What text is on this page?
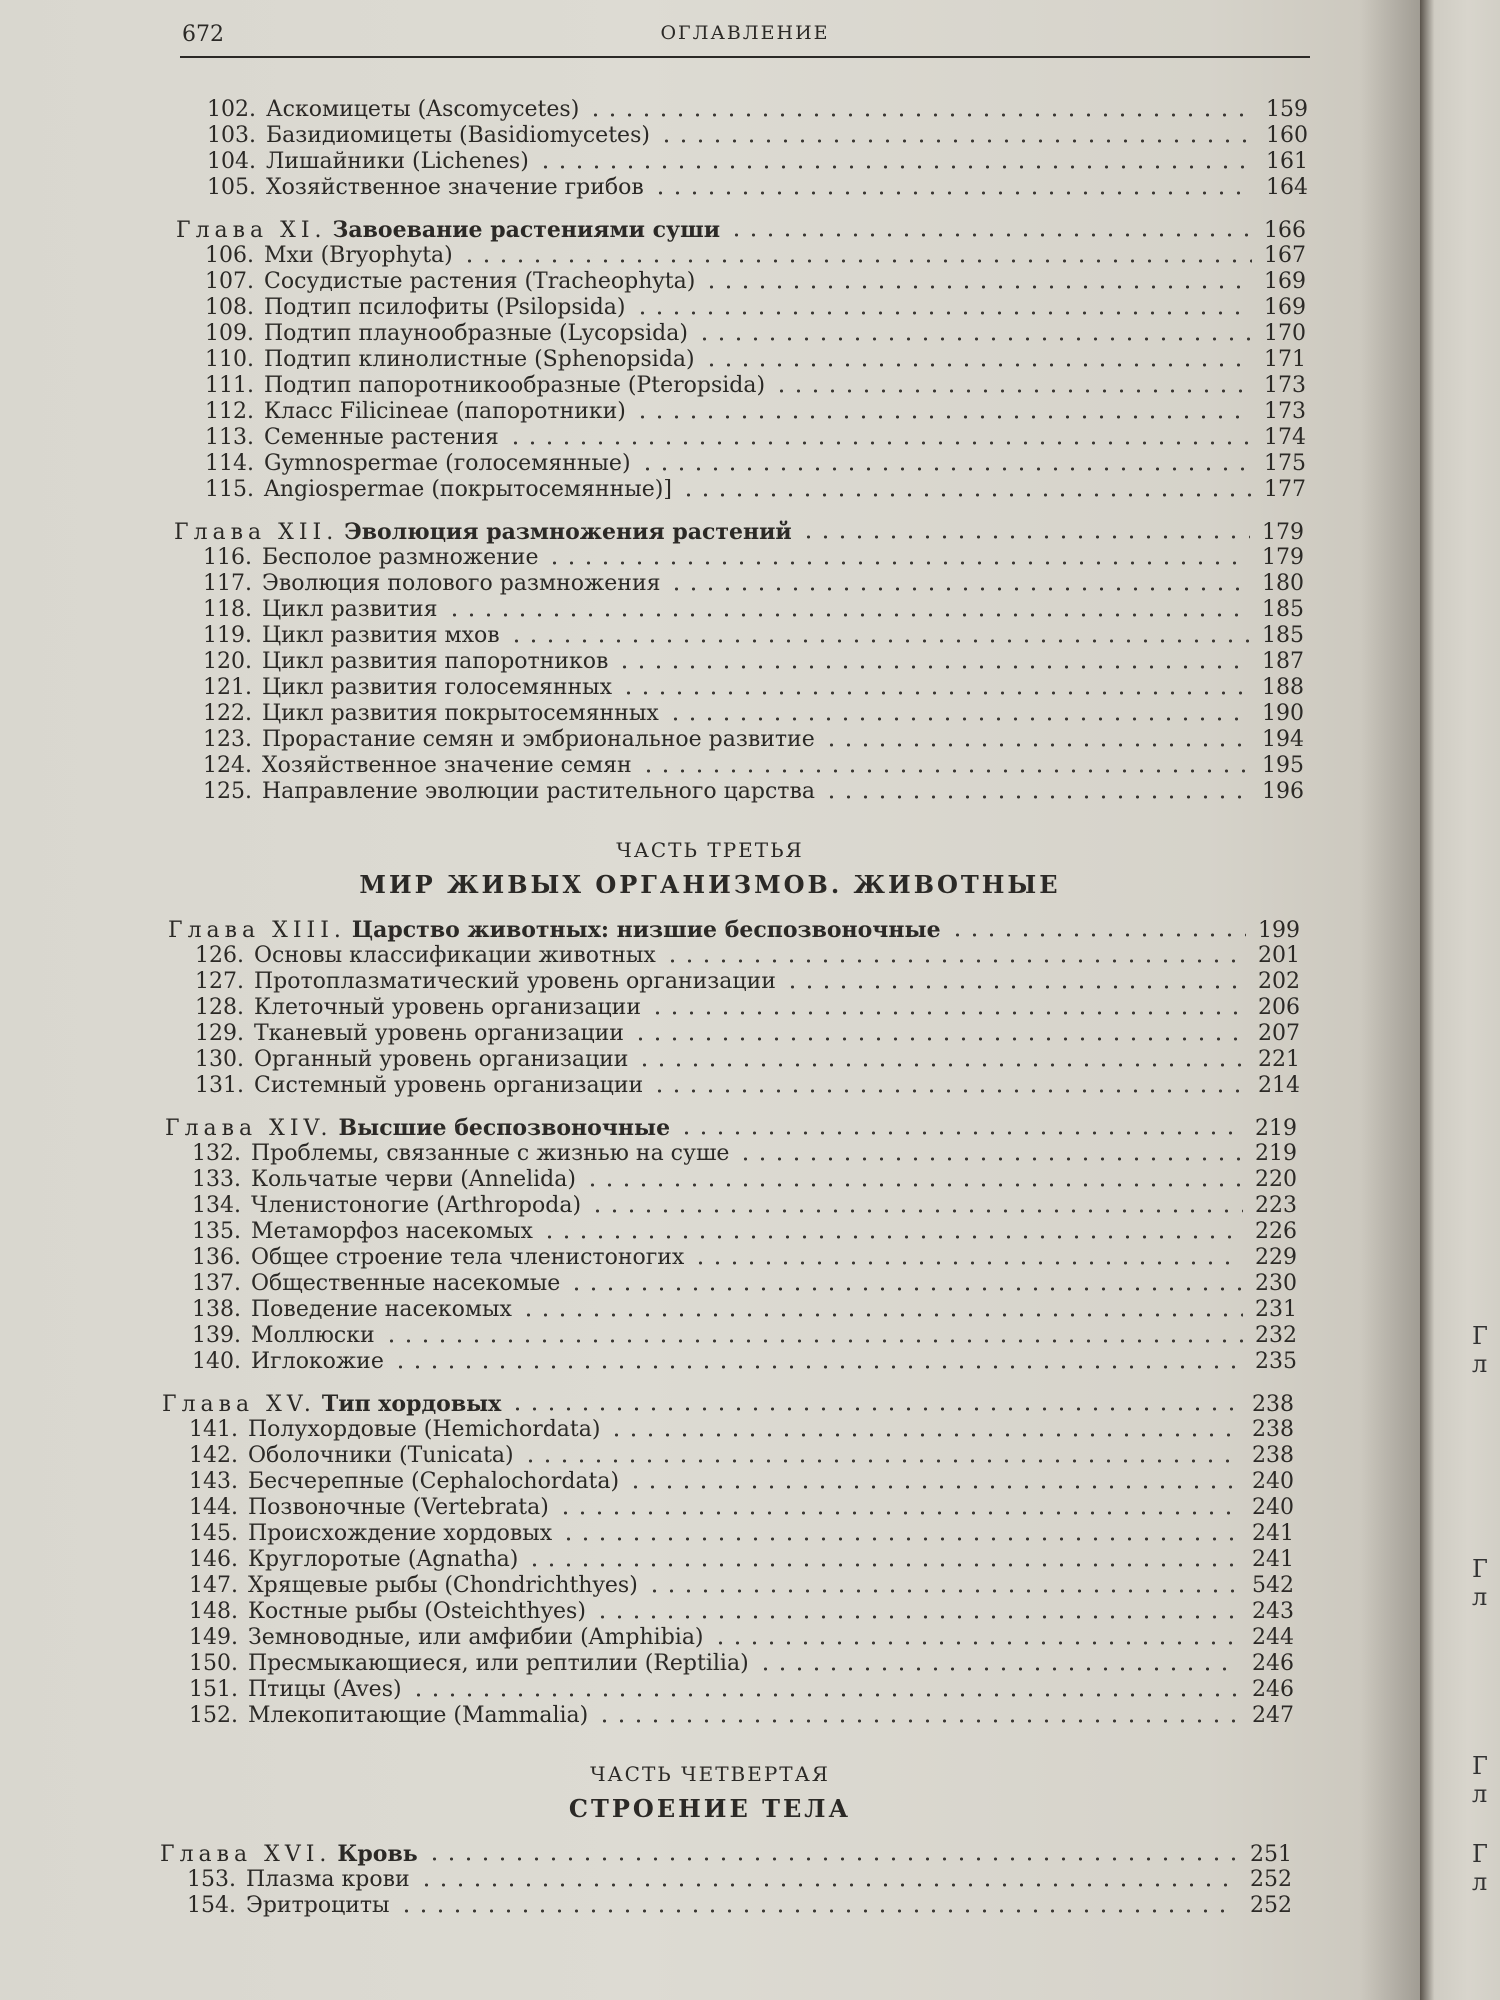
672	ОГЛАВЛЕНИЕ
102. Аскомицеты (Ascomycetes)	159
103. Базидиомицеты (Basidiomycetes)	160
104. Лишайники (Lichenes)	161
105. Хозяйственное значение грибов	164
Глава XI. Завоевание растениями суши	166
106. Мхи (Bryophyta)	167
107. Сосудистые растения (Tracheophyta)	169
108. Подтип псилофиты (Psilopsida)	169
109. Подтип плаунообразные (Lycopsida)	170
110. Подтип клинолистные (Sphenopsida)	171
111. Подтип папоротникообразные (Pteropsida)	173
112. Класс Filicineae (папоротники)	173
113. Семенные растения	174
114. Gymnospermae (голосемянные)	175
115. Angiospermae (покрытосемянные)]	177
Глава XII. Эволюция размножения растений	179
116. Бесполое размножение	179
117. Эволюция полового размножения	180
118. Цикл развития	185
119. Цикл развития мхов	185
120. Цикл развития папоротников	187
121. Цикл развития голосемянных	188
122. Цикл развития покрытосемянных	190
123. Прорастание семян и эмбриональное развитие	194
124. Хозяйственное значение семян	195
125. Направление эволюции растительного царства	196
ЧАСТЬ ТРЕТЬЯ
МИР ЖИВЫХ ОРГАНИЗМОВ. ЖИВОТНЫЕ
Глава XIII. Царство животных: низшие беспозвоночные	199
126. Основы классификации животных	201
127. Протоплазматический уровень организации	202
128. Клеточный уровень организации	206
129. Тканевый уровень организации	207
130. Органный уровень организации	221
131. Системный уровень организации	214
Глава XIV. Высшие беспозвоночные	219
132. Проблемы, связанные с жизнью на суше	219
133. Кольчатые черви (Annelida)	220
134. Членистоногие (Arthropoda)	223
135. Метаморфоз насекомых	226
136. Общее строение тела членистоногих	229
137. Общественные насекомые	230
138. Поведение насекомых	231
139. Моллюски	232
140. Иглокожие	235
Глава XV. Тип хордовых	238
141. Полухордовые (Hemichordata)	238
142. Оболочники (Tunicata)	238
143. Бесчерепные (Cephalochordata)	240
144. Позвоночные (Vertebrata)	240
145. Происхождение хордовых	241
146. Круглоротые (Agnatha)	241
147. Хрящевые рыбы (Chondrichthyes)	542
148. Костные рыбы (Osteichthyes)	243
149. Земноводные, или амфибии (Amphibia)	244
150. Пресмыкающиеся, или рептилии (Reptilia)	246
151. Птицы (Aves)	246
152. Млекопитающие (Mammalia)	247
ЧАСТЬ ЧЕТВЕРТАЯ
СТРОЕНИЕ ТЕЛА
Глава XVI. Кровь	251
153. Плазма крови	252
154. Эритроциты	252
Г л
Г л
Г л
Г л
